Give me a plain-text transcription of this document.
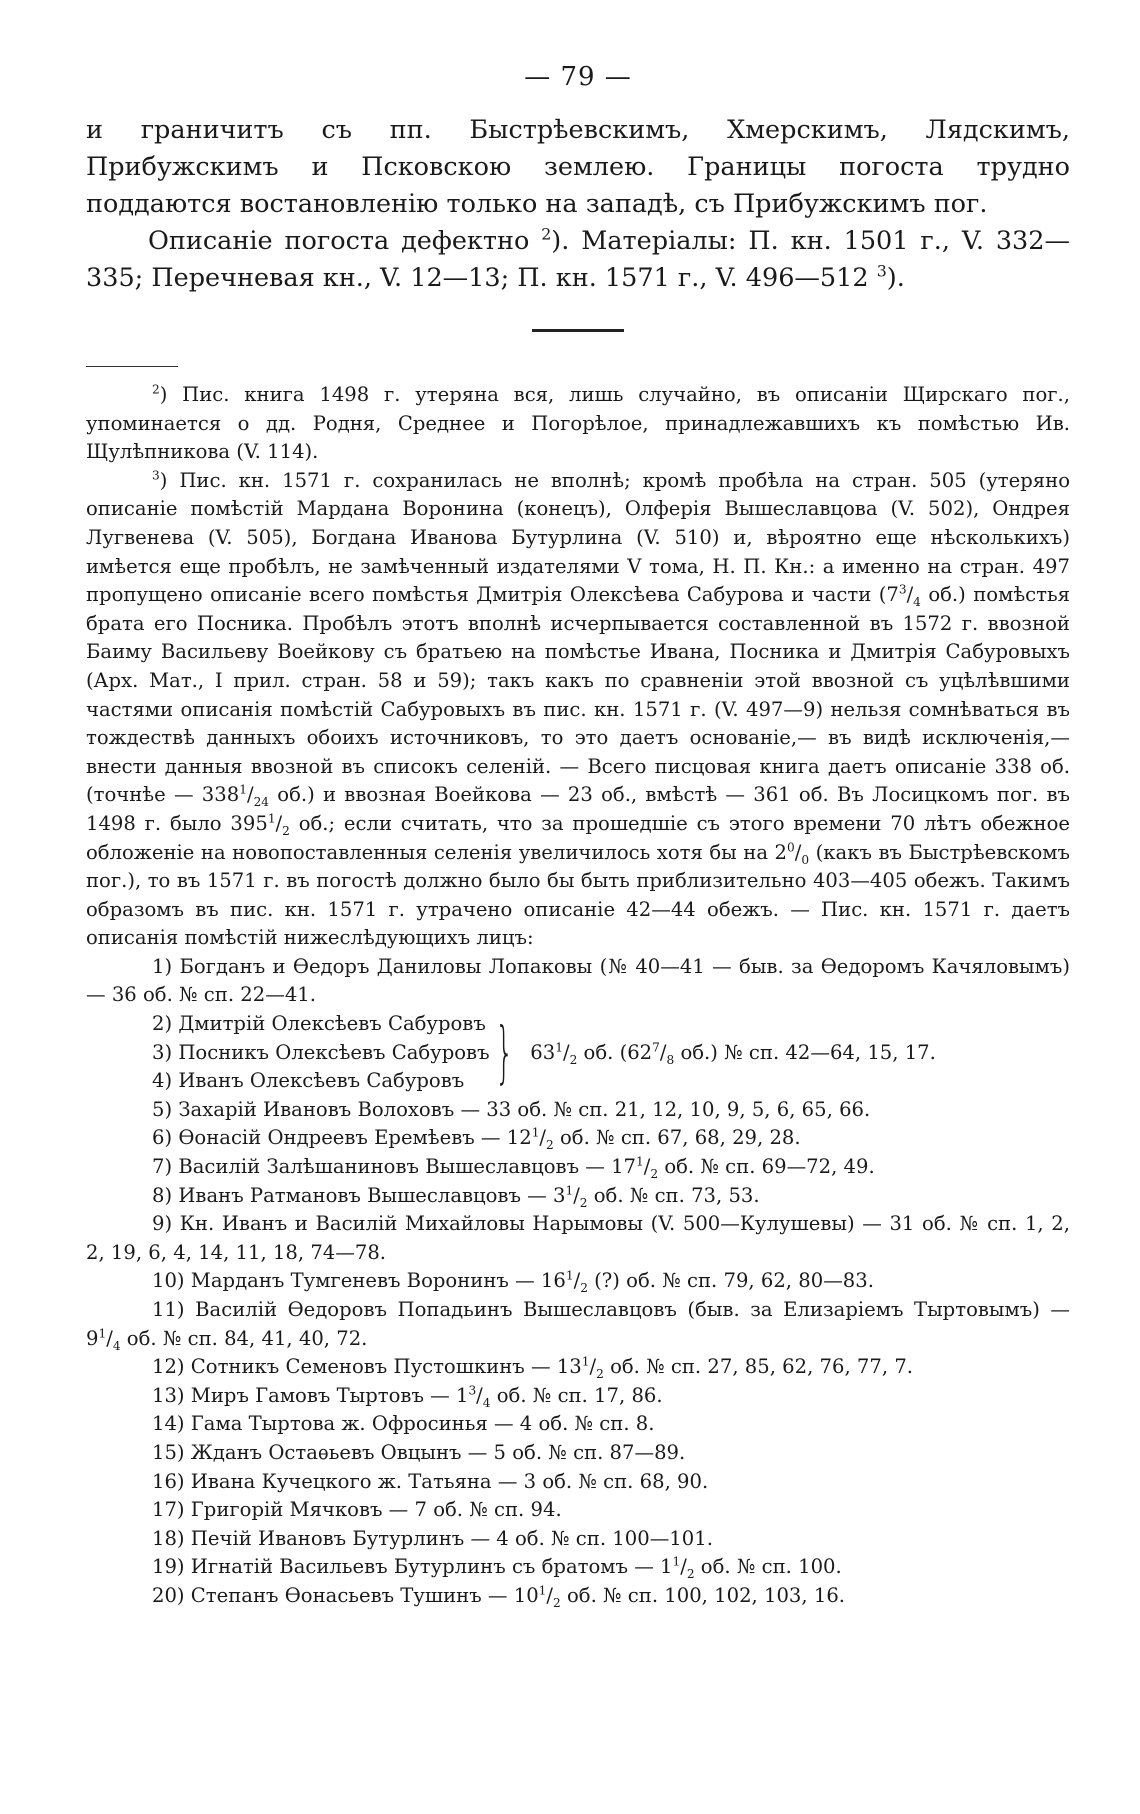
— 79 —

и граничитъ съ пп. Быстрѣевскимъ, Хмерскимъ, Лядскимъ, Прибужскимъ и Псковскою землею. Границы погоста трудно поддаются востановленію только на западѣ, съ Прибужскимъ пог.

Описаніе погоста дефектно $^2$). Матеріалы: П. кн. 1501 г., V. 332—335; Перечневая кн., V. 12—13; П. кн. 1571 г., V. 496—512 $^3$).

$^2$) Пис. книга 1498 г. утеряна вся, лишь случайно, въ описаніи Щирскаго пог., упоминается о дд. Родня, Среднее и Погорѣлое, принадлежавшихъ къ помѣстью Ив. Щулѣпникова (V. 114).

$^3$) Пис. кн. 1571 г. сохранилась не вполнѣ; кромѣ пробѣла на стран. 505 (утеряно описаніе помѣстій Мардана Воронина (конецъ), Олферія Вышеславцова (V. 502), Ондрея Лугвенева (V. 505), Богдана Иванова Бутурлина (V. 510) и, вѣроятно еще нѣсколькихъ) имѣется еще пробѣлъ, не замѣченный издателями V тома, Н. П. Кн.: а именно на стран. 497 пропущено описаніе всего помѣстья Дмитрія Олексѣева Сабурова и части ($7^3/_4$ об.) помѣстья брата его Посника. Пробѣлъ этотъ вполнѣ исчерпывается составленной въ 1572 г. ввозной Баиму Васильеву Воейкову съ братьею на помѣстье Ивана, Посника и Дмитрія Сабуровыхъ (Арх. Мат., I прил. стран. 58 и 59); такъ какъ по сравненіи этой ввозной съ уцѣлѣвшими частями описанія помѣстій Сабуровыхъ въ пис. кн. 1571 г. (V. 497—9) нельзя сомнѣваться въ тождествѣ данныхъ обоихъ источниковъ, то это даетъ основаніе,— въ видѣ исключенія,— внести данныя ввозной въ списокъ селеній. — Всего писцовая книга даетъ описаніе 338 об. (точнѣе — $338^1/_{24}$ об.) и ввозная Воейкова — 23 об., вмѣстѣ — 361 об. Въ Лосицкомъ пог. въ 1498 г. было $395^1/_2$ об.; если считать, что за прошедшіе съ этого времени 70 лѣтъ обежное обложеніе на новопоставленныя селенія увеличилось хотя бы на $2^0/_0$ (какъ въ Быстрѣевскомъ пог.), то въ 1571 г. въ погостѣ должно было бы быть приблизительно 403—405 обежъ. Такимъ образомъ въ пис. кн. 1571 г. утрачено описаніе 42—44 обежъ. — Пис. кн. 1571 г. даетъ описанія помѣстій нижеслѣдующихъ лицъ:

1) Богданъ и Өедоръ Даниловы Лопаковы (№ 40—41 — быв. за Өедоромъ Качяловымъ) — 36 об. № сп. 22—41.

2) Дмитрій Олексѣевъ Сабуровъ
3) Посникъ Олексѣевъ Сабуровъ
4) Иванъ Олексѣевъ Сабуровъ } $63^1/_2$ об. ($62^7/_8$ об.) № сп. 42—64, 15, 17.

5) Захарій Ивановъ Волоховъ — 33 об. № сп. 21, 12, 10, 9, 5, 6, 65, 66.

6) Өонасій Ондреевъ Еремѣевъ — $12^1/_2$ об. № сп. 67, 68, 29, 28.

7) Василій Залѣшаниновъ Вышеславцовъ — $17^1/_2$ об. № сп. 69—72, 49.

8) Иванъ Ратмановъ Вышеславцовъ — $3^1/_2$ об. № сп. 73, 53.

9) Кн. Иванъ и Василій Михайловы Нарымовы (V. 500—Кулушевы) — 31 об. № сп. 1, 2, 2, 19, 6, 4, 14, 11, 18, 74—78.

10) Марданъ Тумгеневъ Воронинъ — $16^1/_2$ (?) об. № сп. 79, 62, 80—83.

11) Василій Өедоровъ Попадьинъ Вышеславцовъ (быв. за Елизаріемъ Тыртовымъ) — $9^1/_4$ об. № сп. 84, 41, 40, 72.

12) Сотникъ Семеновъ Пустошкинъ — $13^1/_2$ об. № сп. 27, 85, 62, 76, 77, 7.

13) Миръ Гамовъ Тыртовъ — $1^3/_4$ об. № сп. 17, 86.

14) Гама Тыртова ж. Офросинья — 4 об. № сп. 8.

15) Жданъ Остаѳьевъ Овцынъ — 5 об. № сп. 87—89.

16) Ивана Кучецкого ж. Татьяна — 3 об. № сп. 68, 90.

17) Григорій Мячковъ — 7 об. № сп. 94.

18) Печій Ивановъ Бутурлинъ — 4 об. № сп. 100—101.

19) Игнатій Васильевъ Бутурлинъ съ братомъ — $1^1/_2$ об. № сп. 100.

20) Степанъ Өонасьевъ Тушинъ — $10^1/_2$ об. № сп. 100, 102, 103, 16.
